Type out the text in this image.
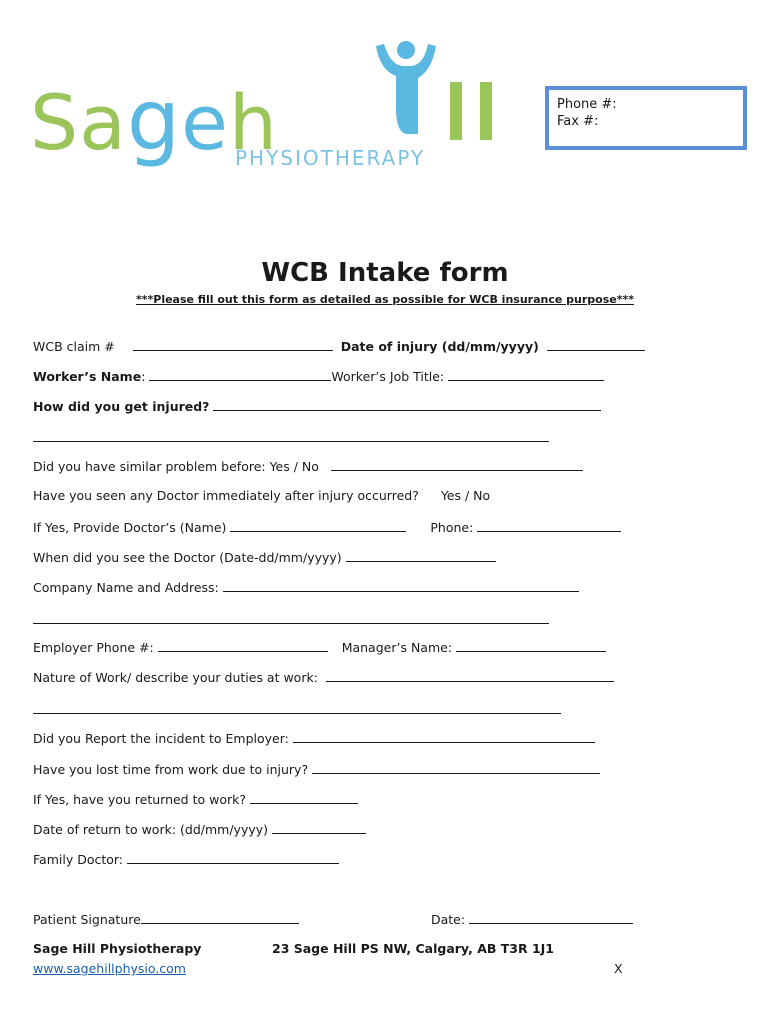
Sageh
PHYSIOTHERAPY
Phone #:
Fax #:
WCB Intake form
***Please fill out this form as detailed as possible for WCB insurance purpose***
WCB claim #	Date of injury (dd/mm/yyyy)
Worker’s Name:	Worker’s Job Title:
How did you get injured?
Did you have similar problem before: Yes / No
Have you seen any Doctor immediately after injury occurred? Yes / No
If Yes, Provide Doctor’s (Name)	Phone:
When did you see the Doctor (Date-dd/mm/yyyy)
Company Name and Address:
Employer Phone #:	Manager’s Name:
Nature of Work/ describe your duties at work:
Did you Report the incident to Employer:
Have you lost time from work due to injury?
If Yes, have you returned to work?
Date of return to work: (dd/mm/yyyy)
Family Doctor:
Patient Signature	Date:
Sage Hill Physiotherapy	23 Sage Hill PS NW, Calgary, AB T3R 1J1
www.sagehillphysio.com	X
